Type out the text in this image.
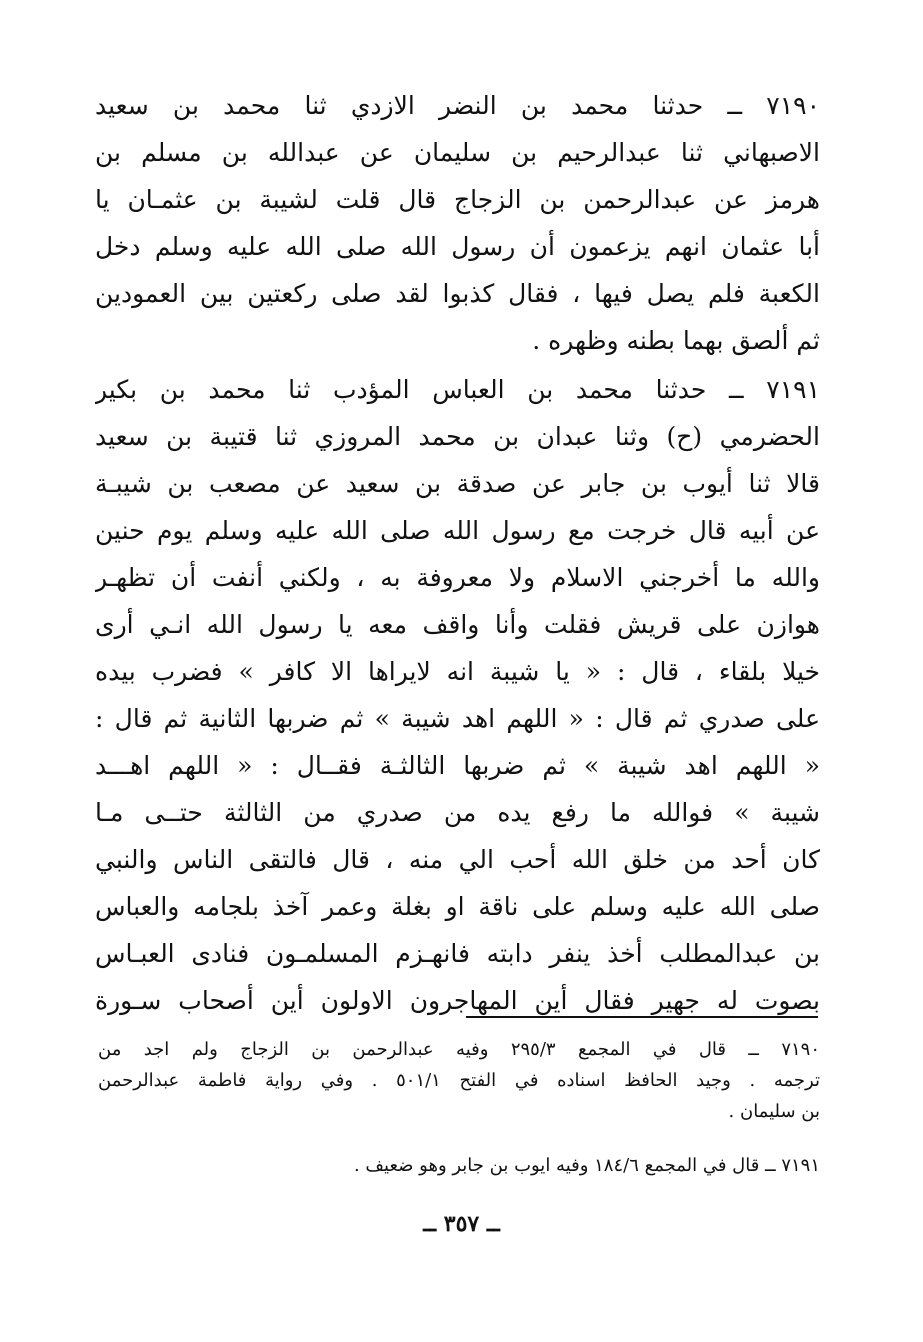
٧١٩٠ ــ حدثنا محمد بن النضر الازدي ثنا محمد بن سعيد
الاصبهاني ثنا عبدالرحيم بن سليمان عن عبدالله بن مسلم بن
هرمز عن عبدالرحمن بن الزجاج قال قلت لشيبة بن عثمـان يا
أبا عثمان انهم يزعمون أن رسول الله صلى الله عليه وسلم دخل
الكعبة فلم يصل فيها ، فقال كذبوا لقد صلى ركعتين بين العمودين
ثم ألصق بهما بطنه وظهره .
٧١٩١ ــ حدثنا محمد بن العباس المؤدب ثنا محمد بن بكير
الحضرمي (ح) وثنا عبدان بن محمد المروزي ثنا قتيبة بن سعيد
قالا ثنا أيوب بن جابر عن صدقة بن سعيد عن مصعب بن شيبـة
عن أبيه قال خرجت مع رسول الله صلى الله عليه وسلم يوم حنين
والله ما أخرجني الاسلام ولا معروفة به ، ولكني أنفت أن تظهـر
هوازن على قريش فقلت وأنا واقف معه يا رسول الله انـي أرى
خيلا بلقاء ، قال : « يا شيبة انه لايراها الا كافر » فضرب بيده
على صدري ثم قال : « اللهم اهد شيبة » ثم ضربها الثانية ثم قال :
« اللهم اهد شيبة » ثم ضربها الثالثـة فقــال : « اللهم اهـــد
شيبة » فوالله ما رفع يده من صدري من الثالثة حتــى مـا
كان أحد من خلق الله أحب الي منه ، قال فالتقى الناس والنبي
صلى الله عليه وسلم على ناقة او بغلة وعمر آخذ بلجامه والعباس
بن عبدالمطلب أخذ ينفر دابته فانهـزم المسلمـون فنادى العبـاس
بصوت له جهير فقال أين المهاجرون الاولون أين أصحاب سـورة
٧١٩٠ ــ قال في المجمع ٢٩٥/٣ وفيه عبدالرحمن بن الزجاج ولم اجد من
ترجمه . وجيد الحافظ اسناده في الفتح ٥٠١/١ . وفي رواية فاطمة عبدالرحمن
بن سليمان .
٧١٩١ ــ قال في المجمع ١٨٤/٦ وفيه ايوب بن جابر وهو ضعيف .
ــ ٣٥٧ ــ
